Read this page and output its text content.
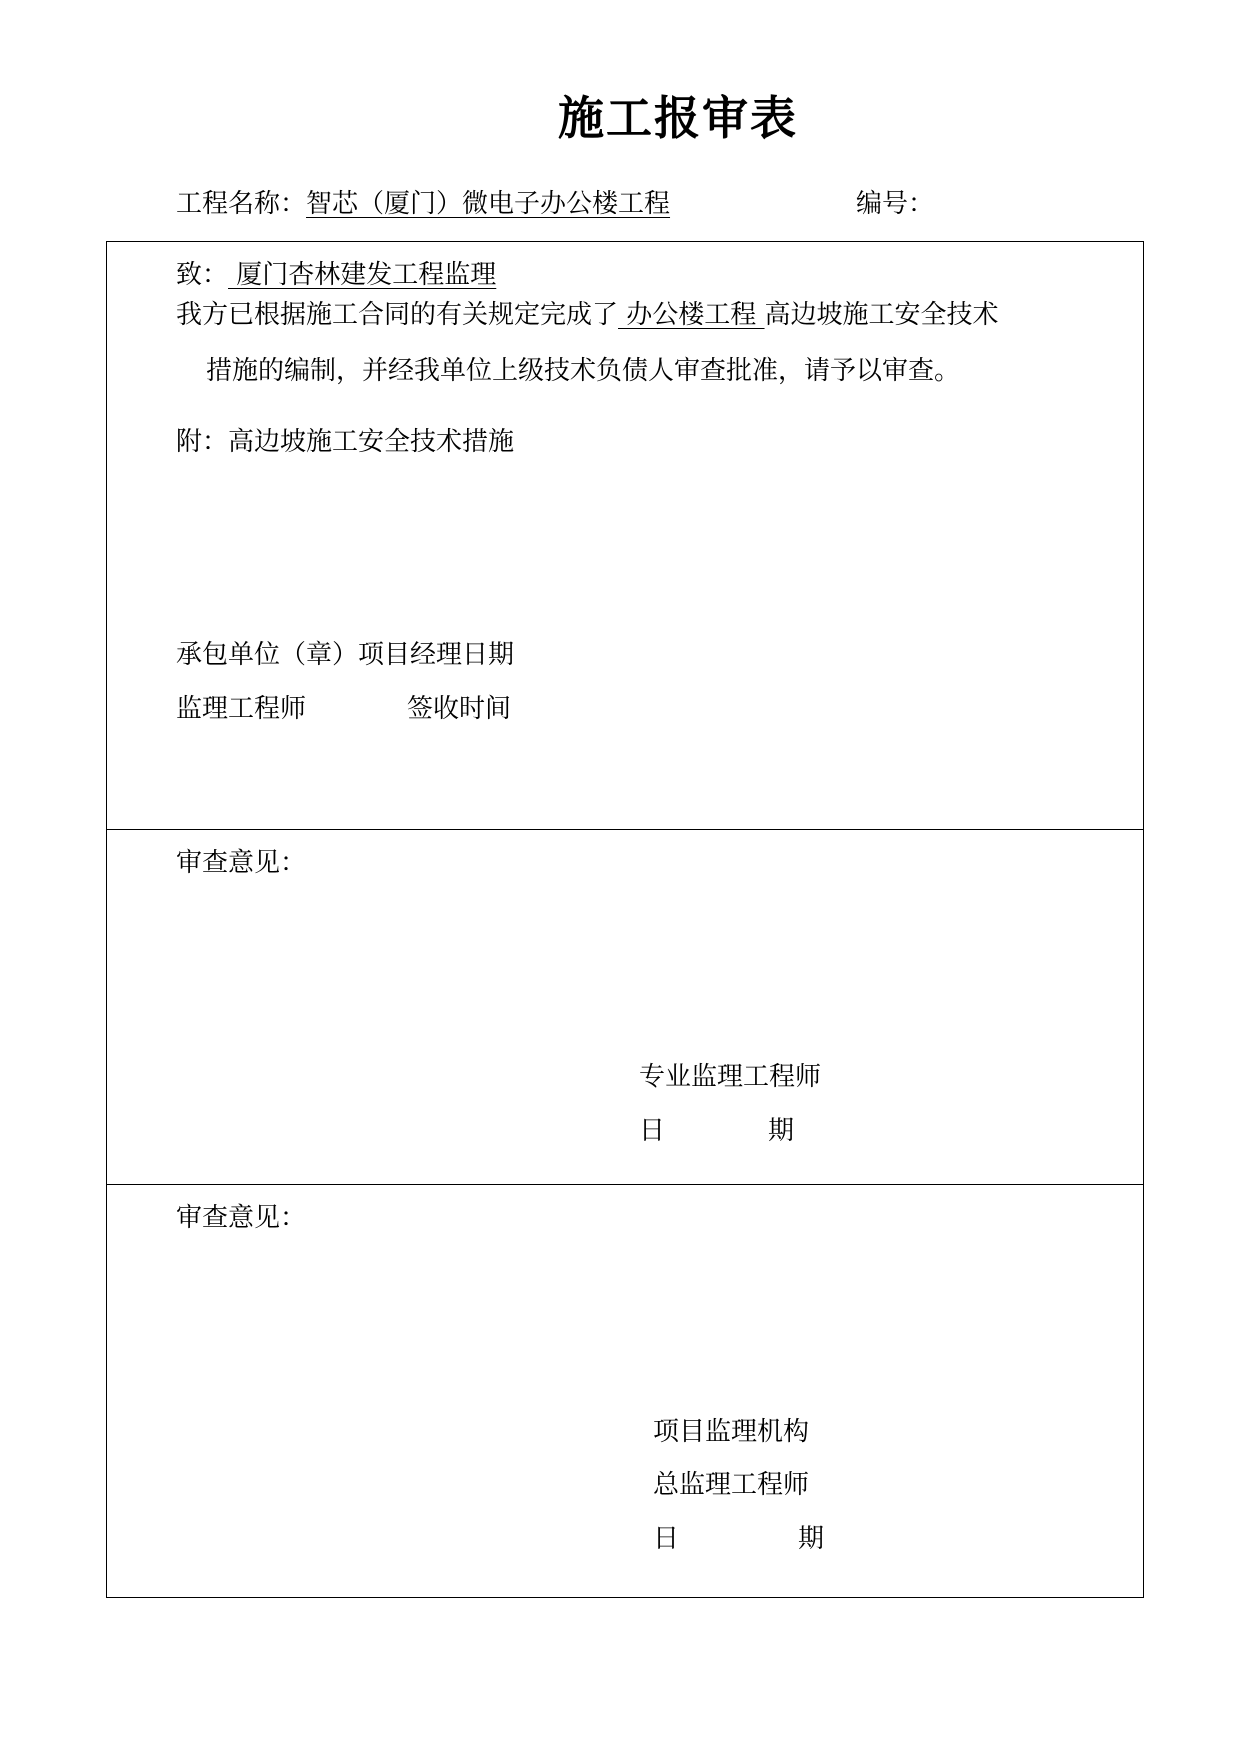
施工报审表
工程名称：智芯（厦门）微电子办公楼工程	编号：
致： 厦门杏林建发工程监理
我方已根据施工合同的有关规定完成了 办公楼工程 高边坡施工安全技术
措施的编制，并经我单位上级技术负债人审查批准，请予以审查。
附：高边坡施工安全技术措施
承包单位（章）项目经理日期
监理工程师	签收时间
审查意见：
专业监理工程师
日	期
审查意见：
项目监理机构
总监理工程师
日	期
